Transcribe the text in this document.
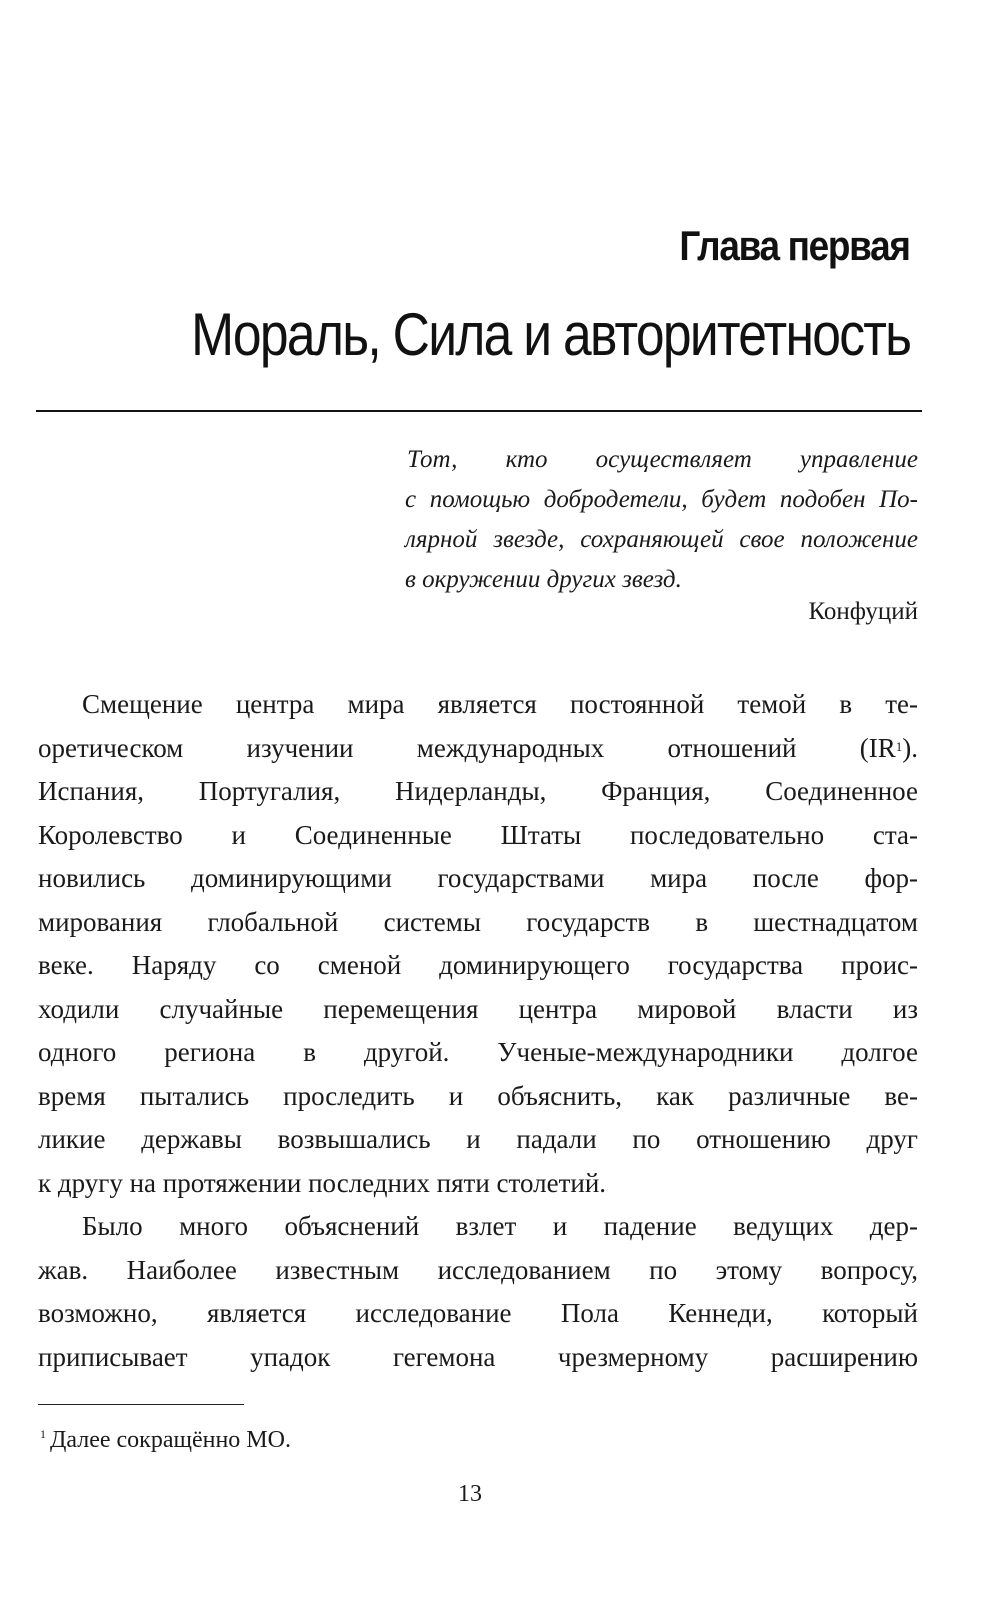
Глава первая
Мораль, Сила и авторитетность
Тот, кто осуществляет управление
с помощью добродетели, будет подобен По-
лярной звезде, сохраняющей свое положение
в окружении других звезд.
Конфуций
Смещение центра мира является постоянной темой в те-
оретическом изучении международных отношений (IR$^1$).
Испания, Португалия, Нидерланды, Франция, Соединенное
Королевство и Соединенные Штаты последовательно ста-
новились доминирующими государствами мира после фор-
мирования глобальной системы государств в шестнадцатом
веке. Наряду со сменой доминирующего государства проис-
ходили случайные перемещения центра мировой власти из
одного региона в другой. Ученые-международники долгое
время пытались проследить и объяснить, как различные ве-
ликие державы возвышались и падали по отношению друг
к другу на протяжении последних пяти столетий.
Было много объяснений взлет и падение ведущих дер-
жав. Наиболее известным исследованием по этому вопросу,
возможно, является исследование Пола Кеннеди, который
приписывает упадок гегемона чрезмерному расширению
$^1$ Далее сокращённо МО.
13
